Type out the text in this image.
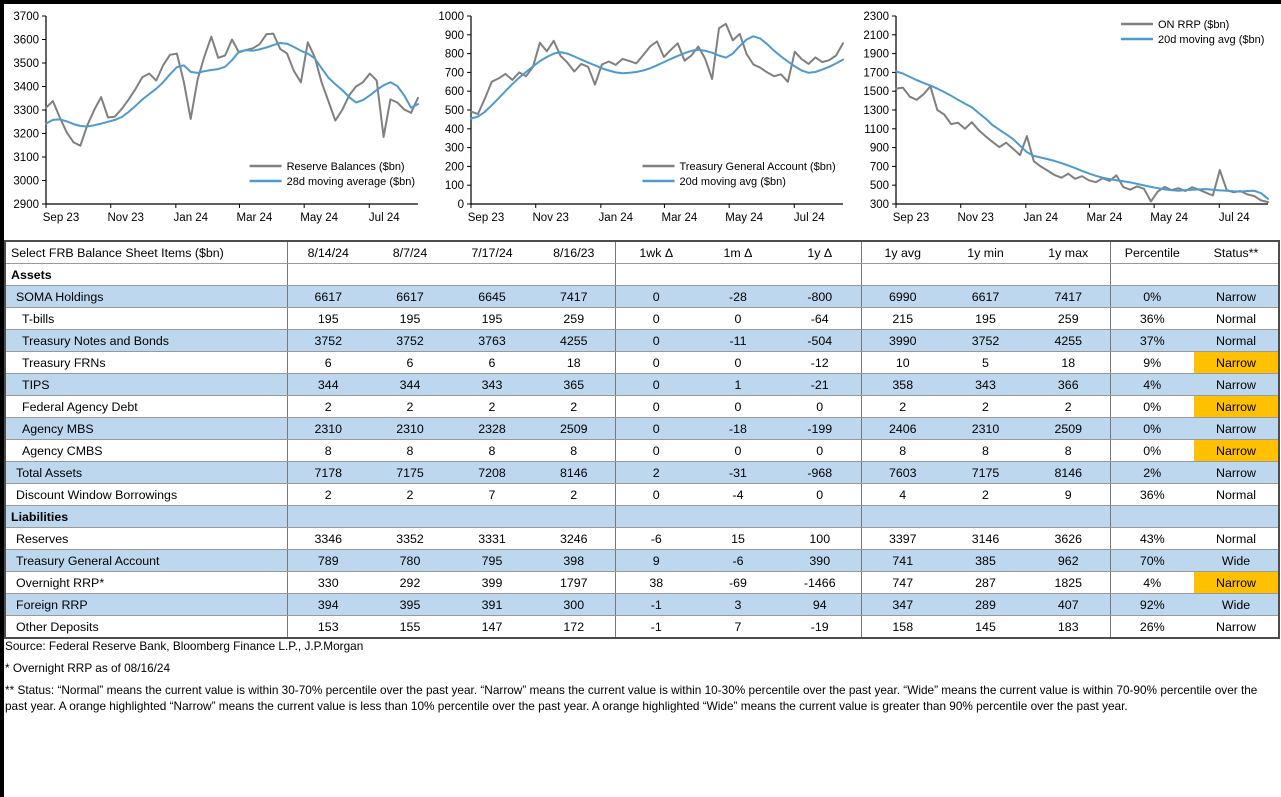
2900
3000
3100
3200
3300
3400
3500
3600
3700
Sep 23 Nov 23	Jan 24 Mar 24 May 24	Jul 24
Reserve Balances ($bn)
28d moving average ($bn)
0
100
200
300
400
500
600
700
800
900
1000
Sep 23 Nov 23	Jan 24 Mar 24 May 24	Jul 24
Treasury General Account ($bn)
20d moving avg ($bn)
300
500
700
900
1100
1300
1500
1700
1900
2100
2300
Sep 23 Nov 23	Jan 24 Mar 24 May 24	Jul 24
ON RRP ($bn)
20d moving avg ($bn)
Select FRB Balance Sheet Items ($bn)	8/14/24	8/7/24	7/17/24	8/16/23	1wk Δ	1m Δ	1y Δ	1y avg	1y min	1y max	Percentile	Status**
Assets												
SOMA Holdings	6617	6617	6645	7417	0	-28	-800	6990	6617	7417	0%	Narrow
T-bills	195	195	195	259	0	0	-64	215	195	259	36%	Normal
Treasury Notes and Bonds	3752	3752	3763	4255	0	-11	-504	3990	3752	4255	37%	Normal
Treasury FRNs	6	6	6	18	0	0	-12	10	5	18	9%	Narrow
TIPS	344	344	343	365	0	1	-21	358	343	366	4%	Narrow
Federal Agency Debt	2	2	2	2	0	0	0	2	2	2	0%	Narrow
Agency MBS	2310	2310	2328	2509	0	-18	-199	2406	2310	2509	0%	Narrow
Agency CMBS	8	8	8	8	0	0	0	8	8	8	0%	Narrow
Total Assets	7178	7175	7208	8146	2	-31	-968	7603	7175	8146	2%	Narrow
Discount Window Borrowings	2	2	7	2	0	-4	0	4	2	9	36%	Normal
Liabilities												
Reserves	3346	3352	3331	3246	-6	15	100	3397	3146	3626	43%	Normal
Treasury General Account	789	780	795	398	9	-6	390	741	385	962	70%	Wide
Overnight RRP*	330	292	399	1797	38	-69	-1466	747	287	1825	4%	Narrow
Foreign RRP	394	395	391	300	-1	3	94	347	289	407	92%	Wide
Other Deposits	153	155	147	172	-1	7	-19	158	145	183	26%	Narrow
Source: Federal Reserve Bank, Bloomberg Finance L.P., J.P.Morgan
* Overnight RRP as of 08/16/24
** Status: “Normal” means the current value is within 30-70% percentile over the past year. “Narrow” means the current value is within 10-30% percentile over the past year. “Wide” means the current value is within 70-90% percentile over the past year. A orange highlighted “Narrow” means the current value is less than 10% percentile over the past year. A orange highlighted “Wide” means the current value is greater than 90% percentile over the past year.
